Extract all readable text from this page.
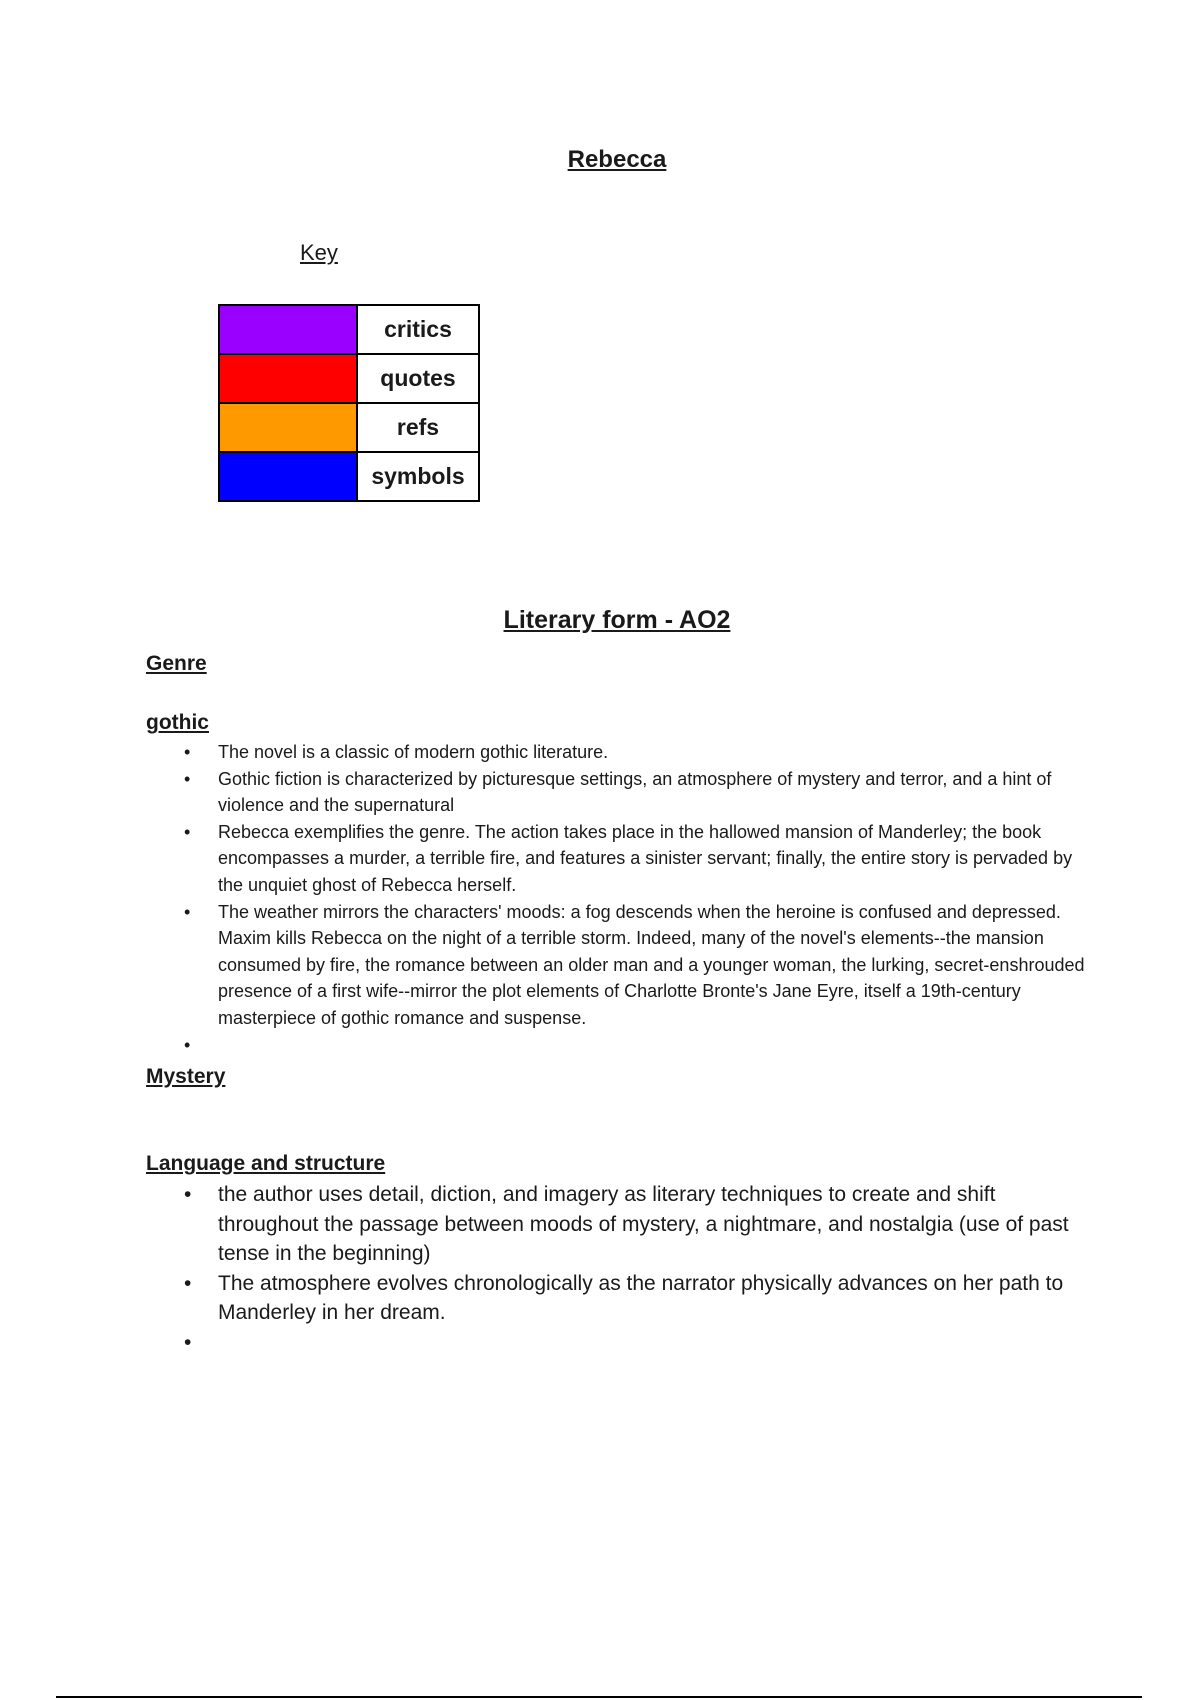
Rebecca
Key
	critics
	quotes
	refs
	symbols
Literary form - AO2
Genre
gothic
• The novel is a classic of modern gothic literature.
• Gothic fiction is characterized by picturesque settings, an atmosphere of mystery and terror, and a hint of violence and the supernatural
• Rebecca exemplifies the genre. The action takes place in the hallowed mansion of Manderley; the book encompasses a murder, a terrible fire, and features a sinister servant; finally, the entire story is pervaded by the unquiet ghost of Rebecca herself.
• The weather mirrors the characters' moods: a fog descends when the heroine is confused and depressed. Maxim kills Rebecca on the night of a terrible storm. Indeed, many of the novel's elements--the mansion consumed by fire, the romance between an older man and a younger woman, the lurking, secret-enshrouded presence of a first wife--mirror the plot elements of Charlotte Bronte's Jane Eyre, itself a 19th-century masterpiece of gothic romance and suspense.
•
Mystery
Language and structure
• the author uses detail, diction, and imagery as literary techniques to create and shift throughout the passage between moods of mystery, a nightmare, and nostalgia (use of past tense in the beginning)
• The atmosphere evolves chronologically as the narrator physically advances on her path to Manderley in her dream.
•
